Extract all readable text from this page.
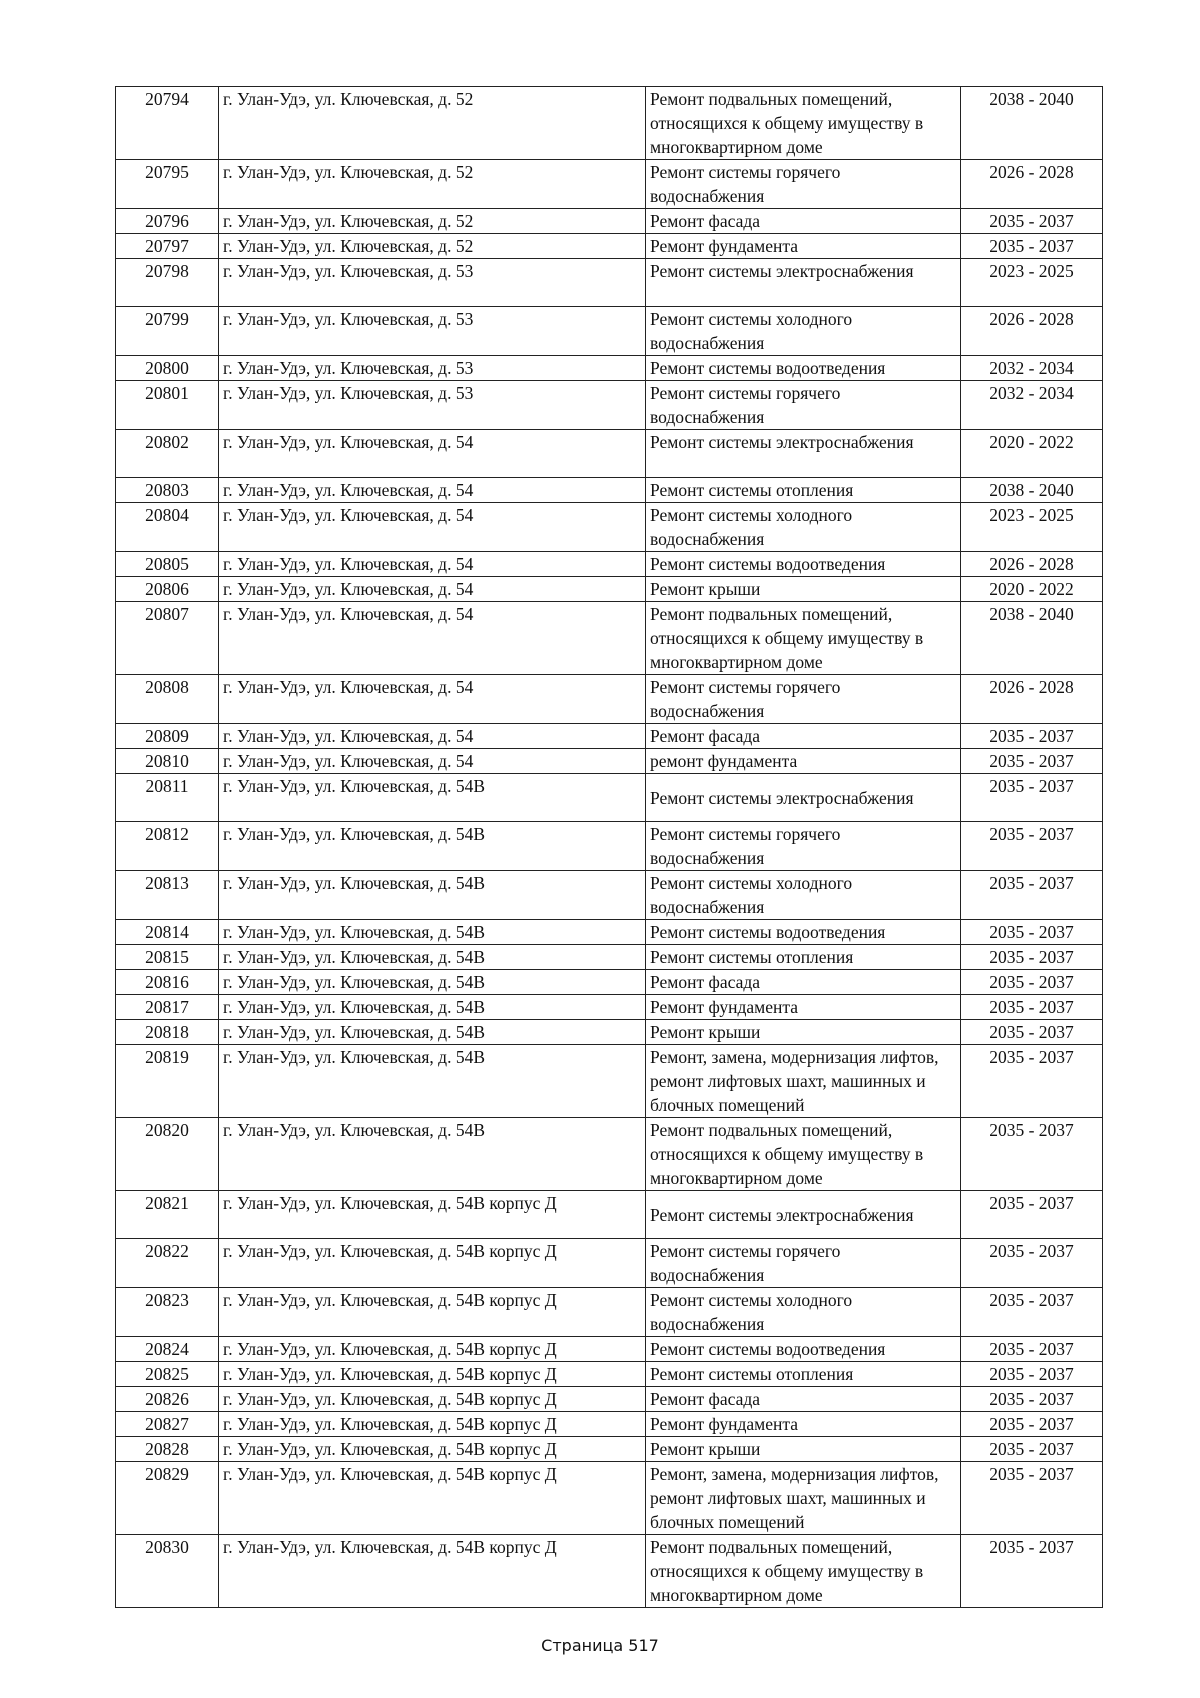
20794	г. Улан-Удэ, ул. Ключевская, д. 52	Ремонт подвальных помещений, относящихся к общему имуществу в многоквартирном доме	2038 - 2040
20795	г. Улан-Удэ, ул. Ключевская, д. 52	Ремонт системы горячего водоснабжения	2026 - 2028
20796	г. Улан-Удэ, ул. Ключевская, д. 52	Ремонт фасада	2035 - 2037
20797	г. Улан-Удэ, ул. Ключевская, д. 52	Ремонт фундамента	2035 - 2037
20798	г. Улан-Удэ, ул. Ключевская, д. 53	Ремонт системы электроснабжения	2023 - 2025
20799	г. Улан-Удэ, ул. Ключевская, д. 53	Ремонт системы холодного водоснабжения	2026 - 2028
20800	г. Улан-Удэ, ул. Ключевская, д. 53	Ремонт системы водоотведения	2032 - 2034
20801	г. Улан-Удэ, ул. Ключевская, д. 53	Ремонт системы горячего водоснабжения	2032 - 2034
20802	г. Улан-Удэ, ул. Ключевская, д. 54	Ремонт системы электроснабжения	2020 - 2022
20803	г. Улан-Удэ, ул. Ключевская, д. 54	Ремонт системы отопления	2038 - 2040
20804	г. Улан-Удэ, ул. Ключевская, д. 54	Ремонт системы холодного водоснабжения	2023 - 2025
20805	г. Улан-Удэ, ул. Ключевская, д. 54	Ремонт системы водоотведения	2026 - 2028
20806	г. Улан-Удэ, ул. Ключевская, д. 54	Ремонт крыши	2020 - 2022
20807	г. Улан-Удэ, ул. Ключевская, д. 54	Ремонт подвальных помещений, относящихся к общему имуществу в многоквартирном доме	2038 - 2040
20808	г. Улан-Удэ, ул. Ключевская, д. 54	Ремонт системы горячего водоснабжения	2026 - 2028
20809	г. Улан-Удэ, ул. Ключевская, д. 54	Ремонт фасада	2035 - 2037
20810	г. Улан-Удэ, ул. Ключевская, д. 54	ремонт фундамента	2035 - 2037
20811	г. Улан-Удэ, ул. Ключевская, д. 54В	Ремонт системы электроснабжения	2035 - 2037
20812	г. Улан-Удэ, ул. Ключевская, д. 54В	Ремонт системы горячего водоснабжения	2035 - 2037
20813	г. Улан-Удэ, ул. Ключевская, д. 54В	Ремонт системы холодного водоснабжения	2035 - 2037
20814	г. Улан-Удэ, ул. Ключевская, д. 54В	Ремонт системы водоотведения	2035 - 2037
20815	г. Улан-Удэ, ул. Ключевская, д. 54В	Ремонт системы отопления	2035 - 2037
20816	г. Улан-Удэ, ул. Ключевская, д. 54В	Ремонт фасада	2035 - 2037
20817	г. Улан-Удэ, ул. Ключевская, д. 54В	Ремонт фундамента	2035 - 2037
20818	г. Улан-Удэ, ул. Ключевская, д. 54В	Ремонт крыши	2035 - 2037
20819	г. Улан-Удэ, ул. Ключевская, д. 54В	Ремонт, замена, модернизация лифтов, ремонт лифтовых шахт, машинных и блочных помещений	2035 - 2037
20820	г. Улан-Удэ, ул. Ключевская, д. 54В	Ремонт подвальных помещений, относящихся к общему имуществу в многоквартирном доме	2035 - 2037
20821	г. Улан-Удэ, ул. Ключевская, д. 54В корпус Д	Ремонт системы электроснабжения	2035 - 2037
20822	г. Улан-Удэ, ул. Ключевская, д. 54В корпус Д	Ремонт системы горячего водоснабжения	2035 - 2037
20823	г. Улан-Удэ, ул. Ключевская, д. 54В корпус Д	Ремонт системы холодного водоснабжения	2035 - 2037
20824	г. Улан-Удэ, ул. Ключевская, д. 54В корпус Д	Ремонт системы водоотведения	2035 - 2037
20825	г. Улан-Удэ, ул. Ключевская, д. 54В корпус Д	Ремонт системы отопления	2035 - 2037
20826	г. Улан-Удэ, ул. Ключевская, д. 54В корпус Д	Ремонт фасада	2035 - 2037
20827	г. Улан-Удэ, ул. Ключевская, д. 54В корпус Д	Ремонт фундамента	2035 - 2037
20828	г. Улан-Удэ, ул. Ключевская, д. 54В корпус Д	Ремонт крыши	2035 - 2037
20829	г. Улан-Удэ, ул. Ключевская, д. 54В корпус Д	Ремонт, замена, модернизация лифтов, ремонт лифтовых шахт, машинных и блочных помещений	2035 - 2037
20830	г. Улан-Удэ, ул. Ключевская, д. 54В корпус Д	Ремонт подвальных помещений, относящихся к общему имуществу в многоквартирном доме	2035 - 2037
Страница 517
